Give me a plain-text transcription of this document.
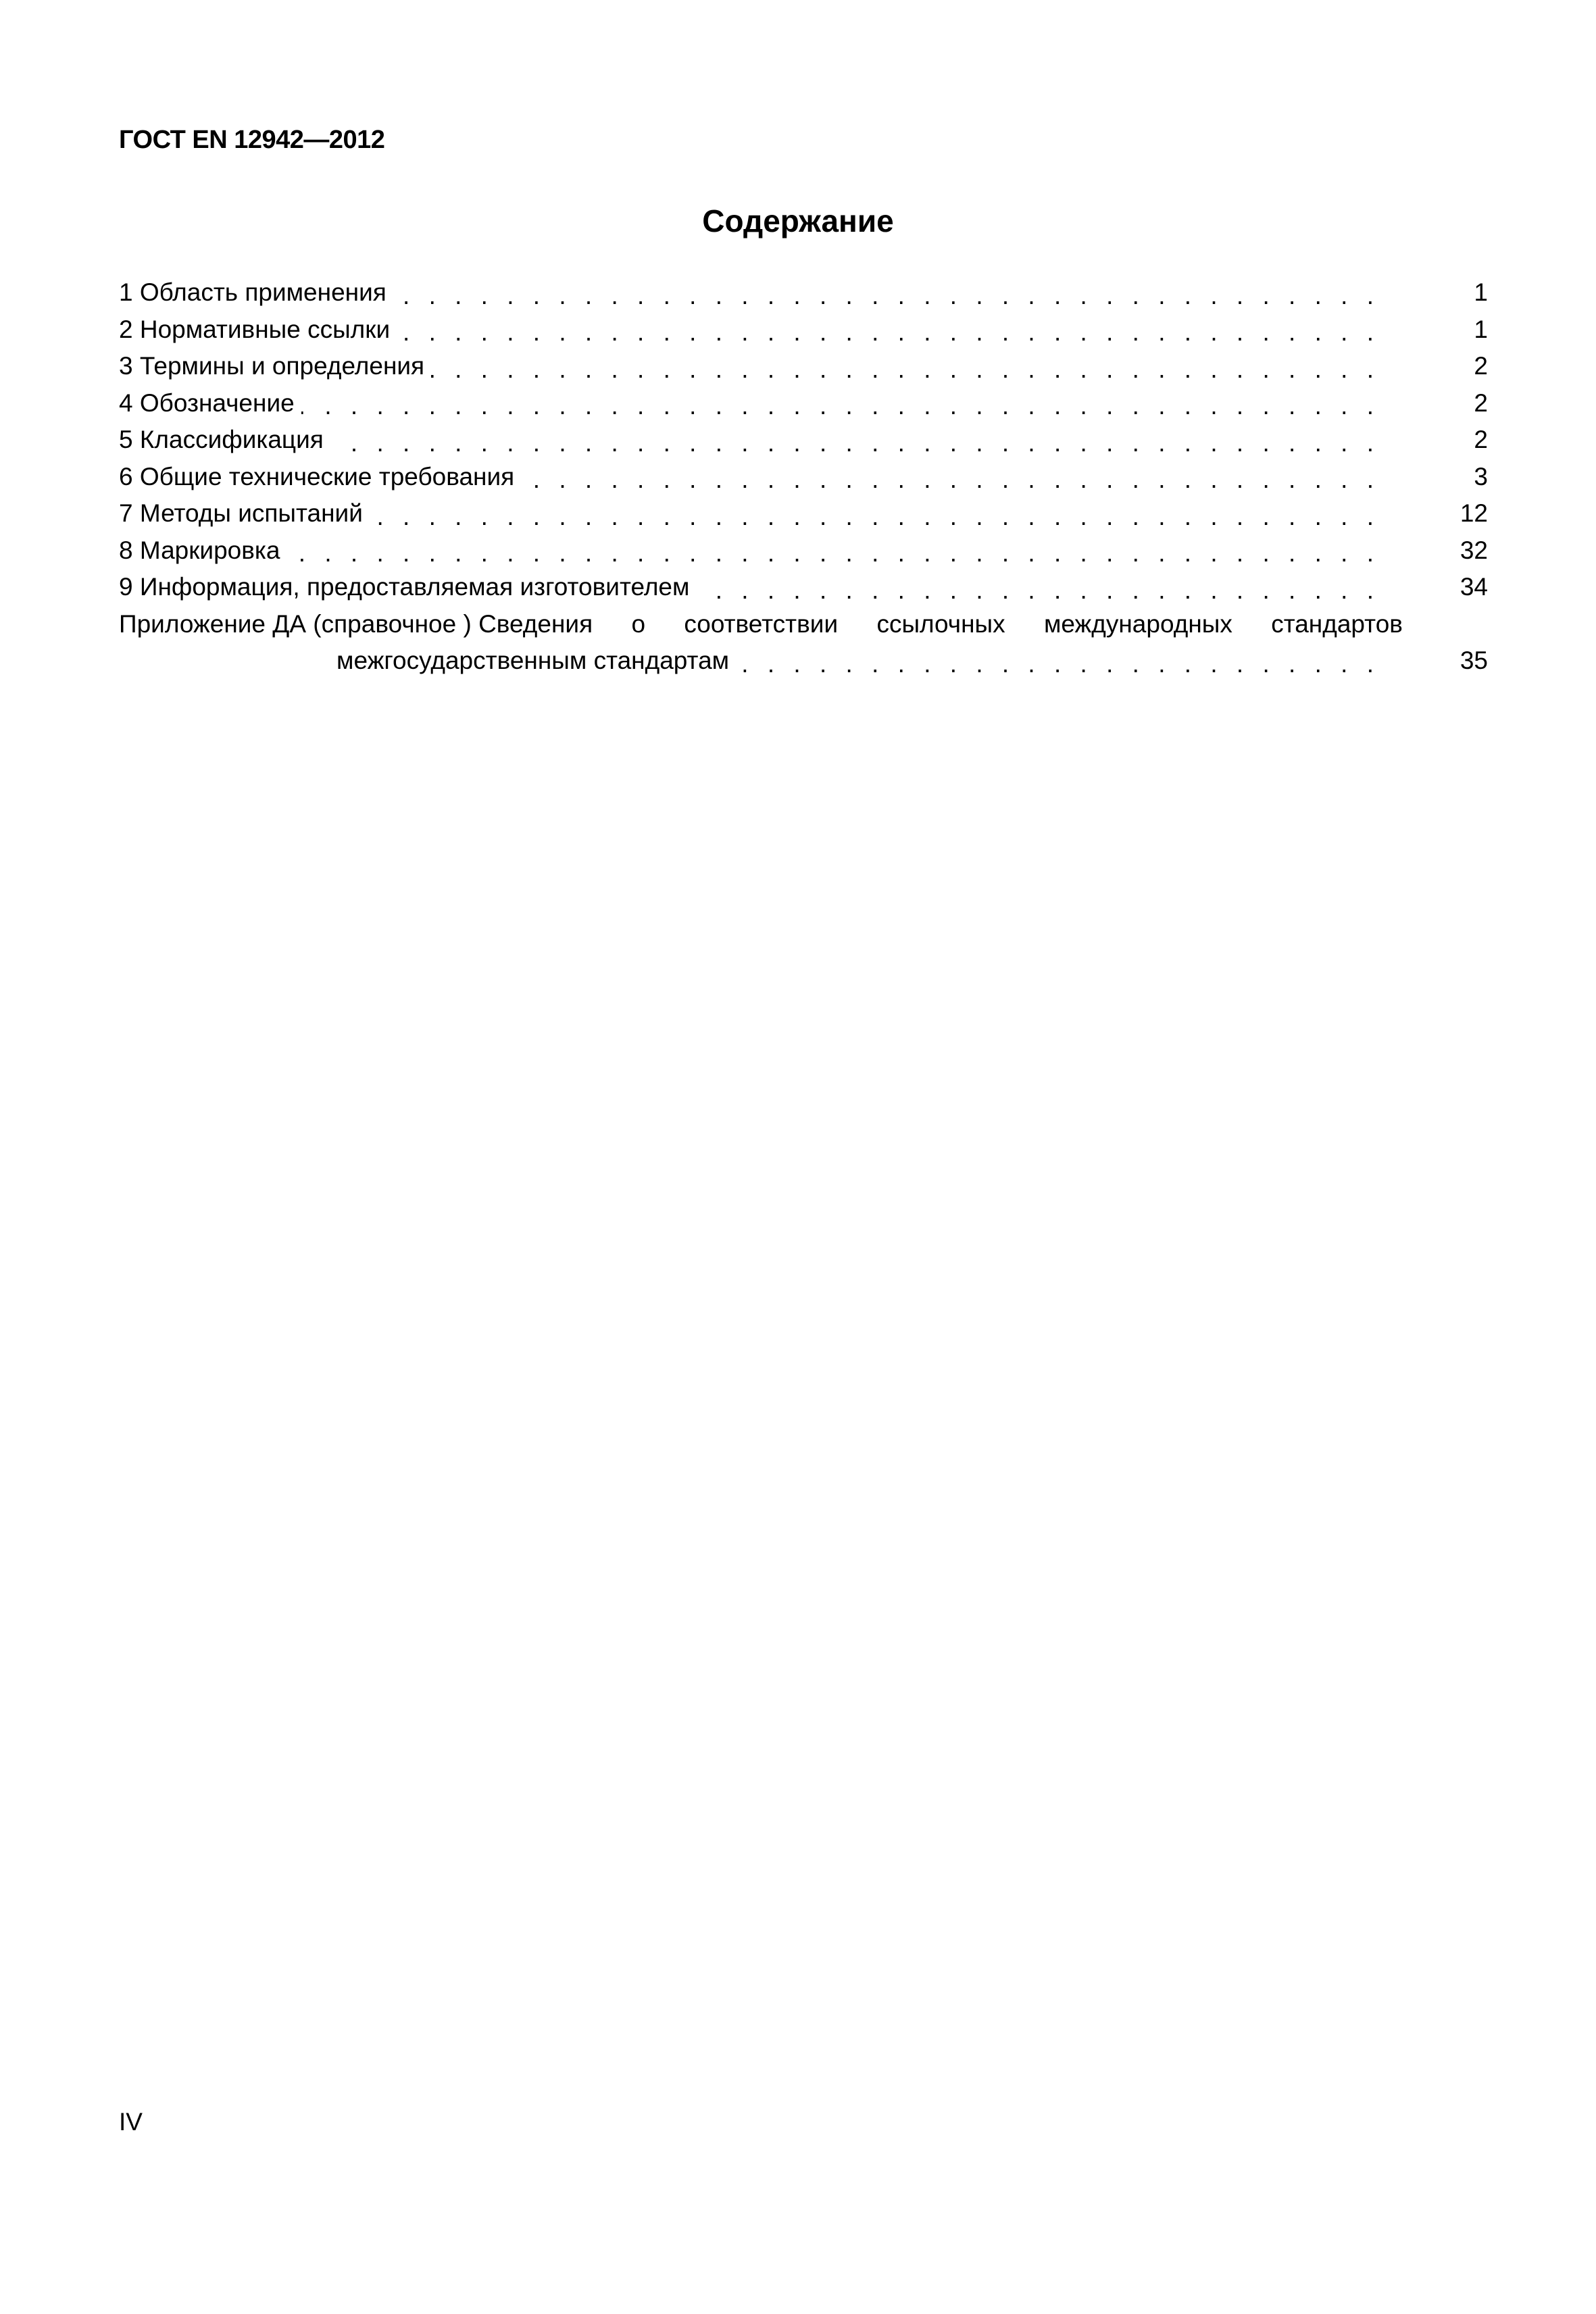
ГОСТ EN 12942—2012
Содержание
1 Область применения . . .	1
2 Нормативные ссылки . . .	1
3 Термины и определения . . .	2
4 Обозначение . . .	2
5 Классификация . . .	2
6 Общие технические требования . . .	3
7 Методы испытаний . . .	12
8 Маркировка . . .	32
9 Информация, предоставляемая изготовителем . . .	34
Приложение ДА (справочное ) Сведения о соответствии ссылочных международных стандартов
межгосударственным стандартам . . .	35
IV
